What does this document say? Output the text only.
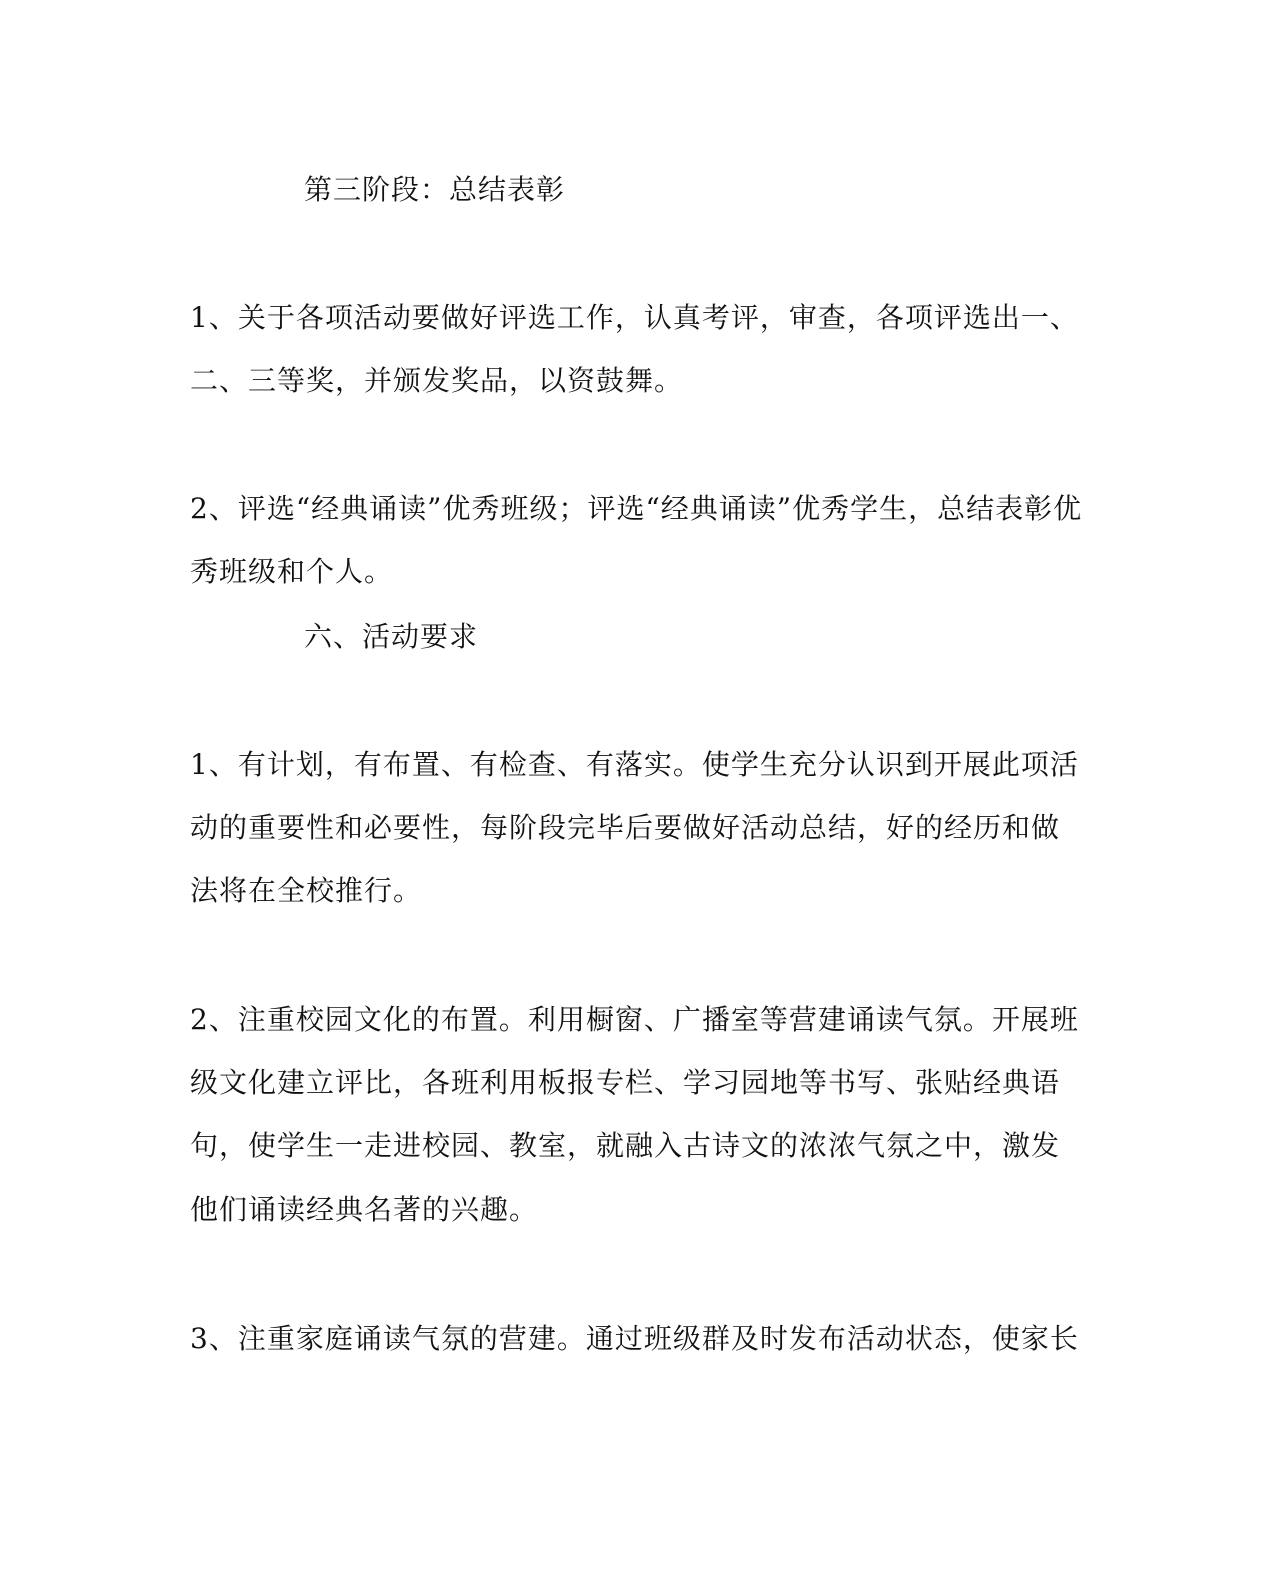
第三阶段：总结表彰

1、关于各项活动要做好评选工作，认真考评，审查，各项评选出一、

二、三等奖，并颁发奖品，以资鼓舞。

2、评选“经典诵读”优秀班级；评选“经典诵读”优秀学生，总结表彰优

秀班级和个人。

六、活动要求

1、有计划，有布置、有检查、有落实。使学生充分认识到开展此项活

动的重要性和必要性，每阶段完毕后要做好活动总结，好的经历和做

法将在全校推行。

2、注重校园文化的布置。利用橱窗、广播室等营建诵读气氛。开展班

级文化建立评比，各班利用板报专栏、学习园地等书写、张贴经典语

句，使学生一走进校园、教室，就融入古诗文的浓浓气氛之中，激发

他们诵读经典名著的兴趣。

3、注重家庭诵读气氛的营建。通过班级群及时发布活动状态，使家长
